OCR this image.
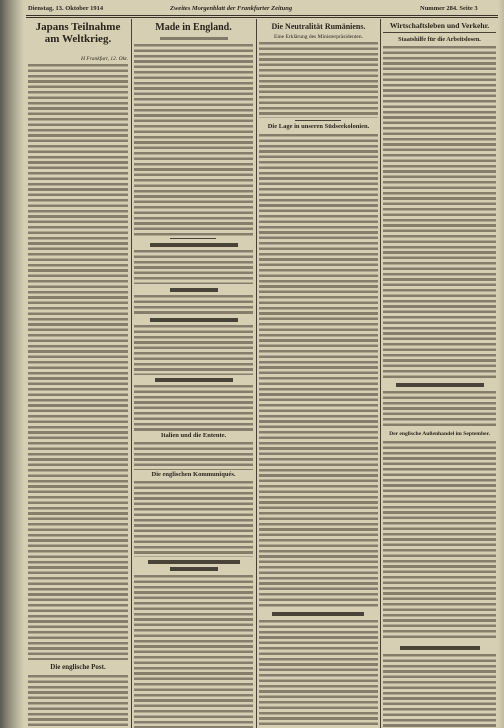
Dienstag, 13. Oktober 1914	Zweites Morgenblatt der Frankfurter Zeitung	Nummer 284. Seite 3
Japans Teilnahme
am Weltkrieg.
H Frankfurt, 12. Okt.
Die englische Post.
Made in England.
Italien und die Entente.
Die englischen Kommuniqués.
Die Neutralität Rumäniens.
Eine Erklärung des Ministerpräsidenten.
Die Lage in unseren Südseekolonien.
Wirtschaftsleben und Verkehr.
Staatshilfe für die Arbeitslosen.
Der englische Außenhandel im September.
